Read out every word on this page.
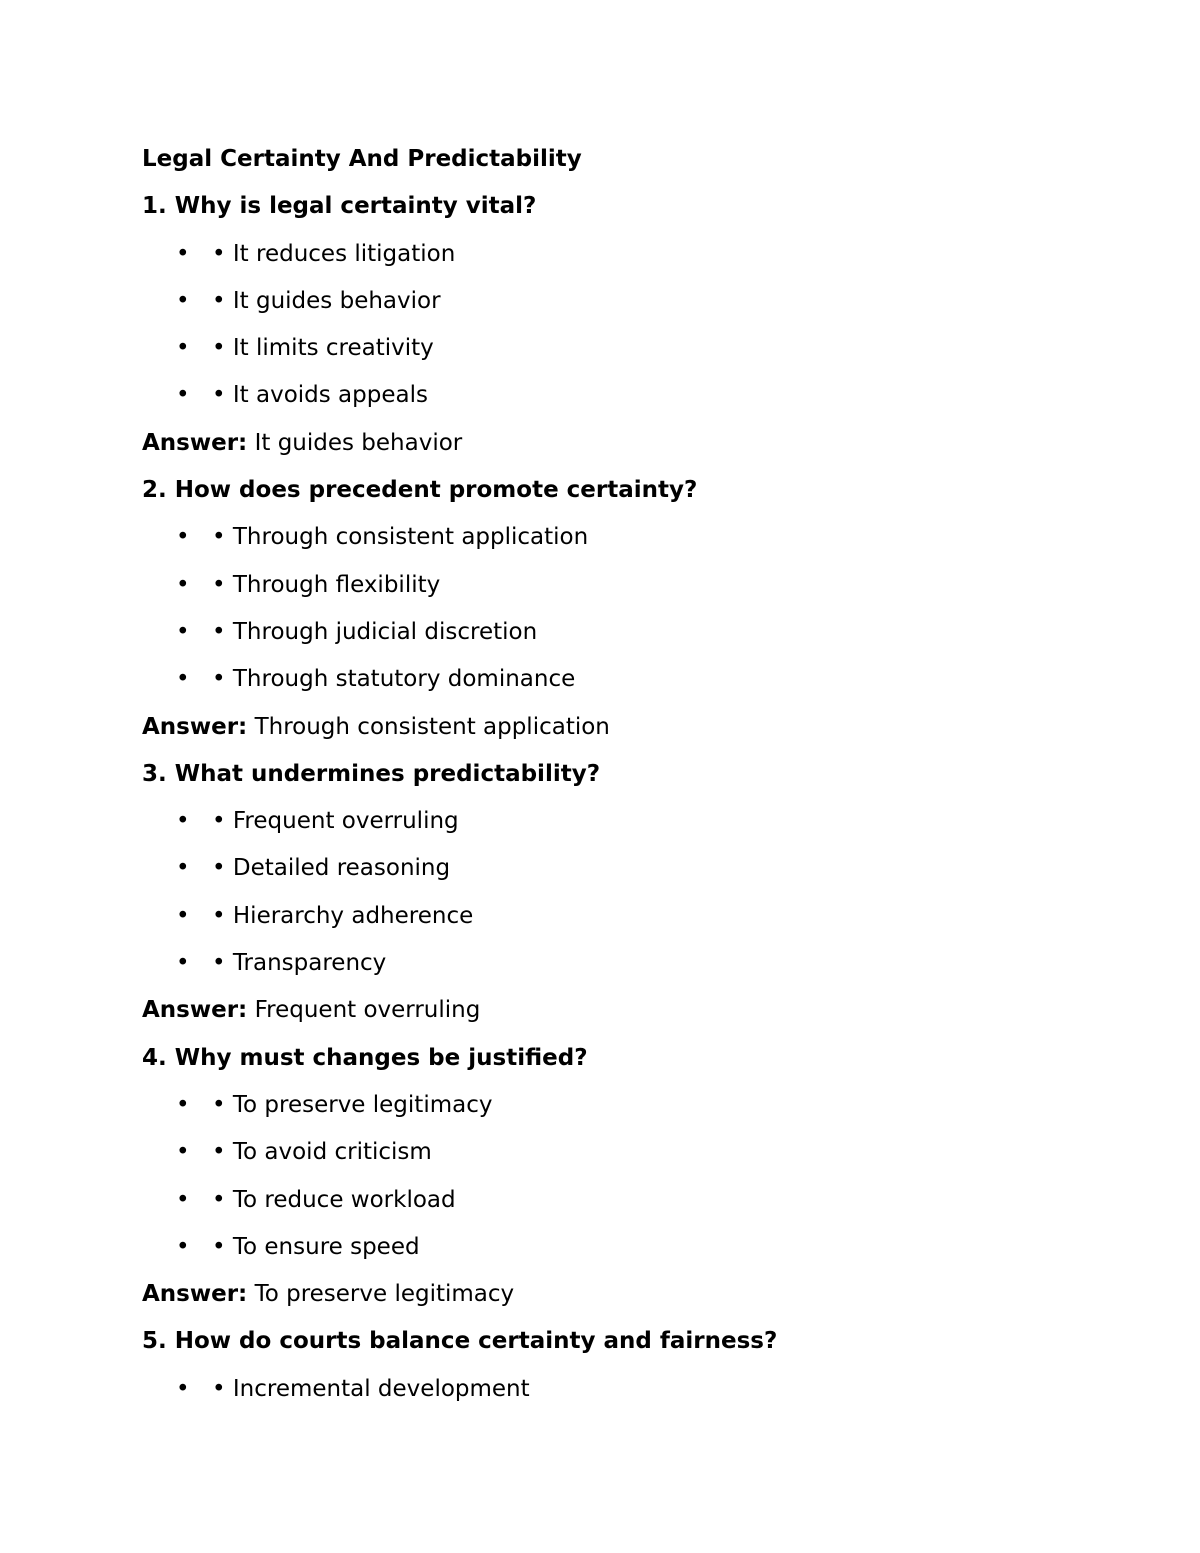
Legal Certainty And Predictability
1. Why is legal certainty vital?
• • It reduces litigation
• • It guides behavior
• • It limits creativity
• • It avoids appeals
Answer: It guides behavior
2. How does precedent promote certainty?
• • Through consistent application
• • Through flexibility
• • Through judicial discretion
• • Through statutory dominance
Answer: Through consistent application
3. What undermines predictability?
• • Frequent overruling
• • Detailed reasoning
• • Hierarchy adherence
• • Transparency
Answer: Frequent overruling
4. Why must changes be justified?
• • To preserve legitimacy
• • To avoid criticism
• • To reduce workload
• • To ensure speed
Answer: To preserve legitimacy
5. How do courts balance certainty and fairness?
• • Incremental development
